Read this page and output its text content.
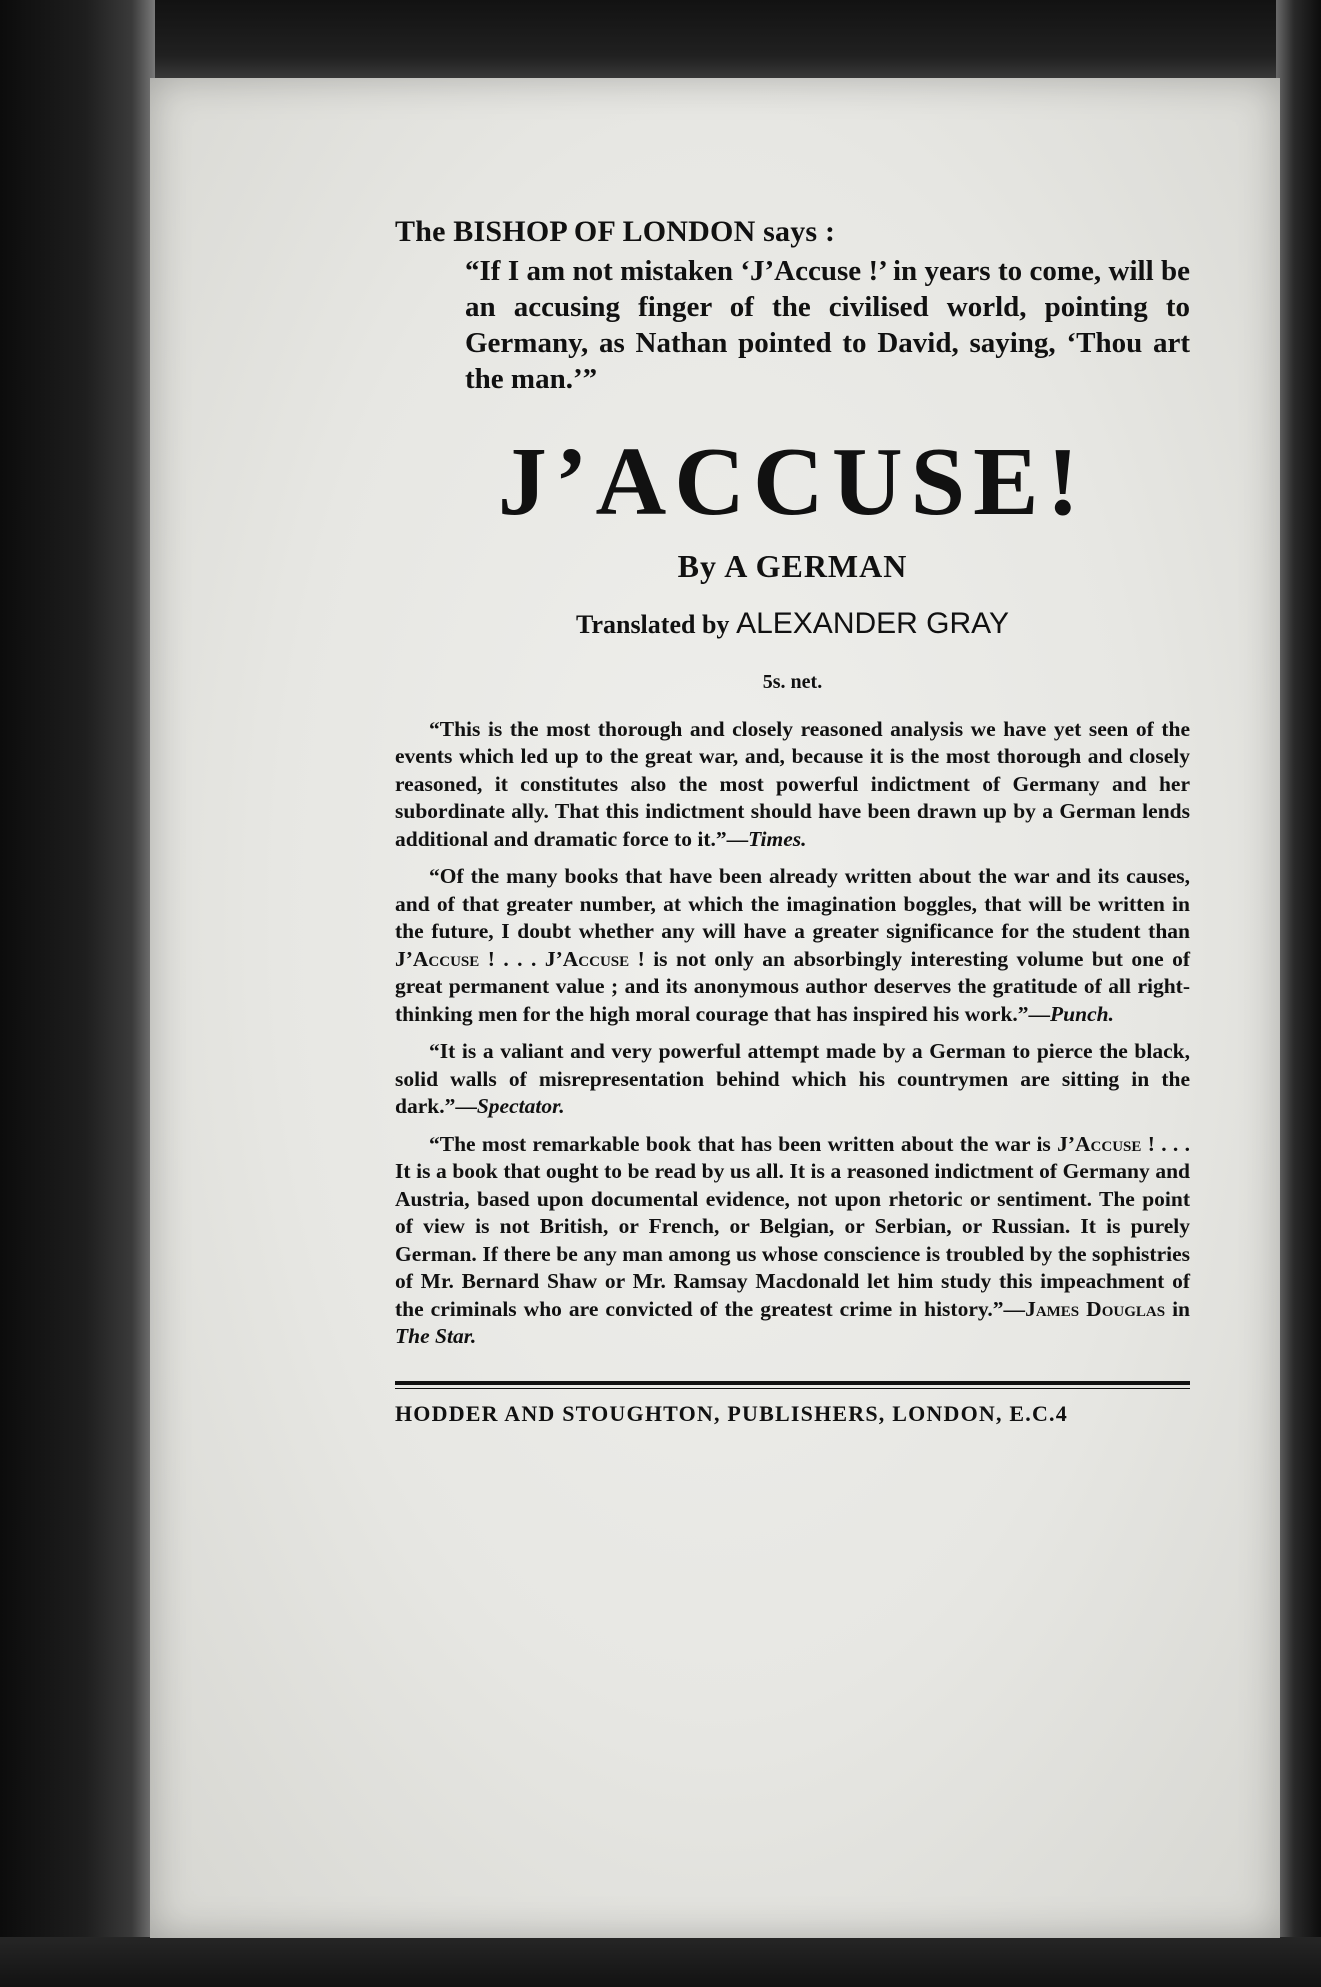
The BISHOP OF LONDON says :

“If I am not mistaken ‘J’Accuse !’ in years to come, will be an accusing finger of the civilised world, pointing to Germany, as Nathan pointed to David, saying, ‘Thou art the man.’”

J’ACCUSE!
By A GERMAN
Translated by ALEXANDER GRAY
5s. net.

“This is the most thorough and closely reasoned analysis we have yet seen of the events which led up to the great war, and, because it is the most thorough and closely reasoned, it constitutes also the most powerful indictment of Germany and her subordinate ally. That this indictment should have been drawn up by a German lends additional and dramatic force to it.”—Times.

“Of the many books that have been already written about the war and its causes, and of that greater number, at which the imagination boggles, that will be written in the future, I doubt whether any will have a greater significance for the student than J’Accuse ! . . . J’Accuse ! is not only an absorbingly interesting volume but one of great permanent value ; and its anonymous author deserves the gratitude of all right-thinking men for the high moral courage that has inspired his work.”—Punch.

“It is a valiant and very powerful attempt made by a German to pierce the black, solid walls of misrepresentation behind which his countrymen are sitting in the dark.”—Spectator.

“The most remarkable book that has been written about the war is J’Accuse ! . . . It is a book that ought to be read by us all. It is a reasoned indictment of Germany and Austria, based upon documental evidence, not upon rhetoric or sentiment. The point of view is not British, or French, or Belgian, or Serbian, or Russian. It is purely German. If there be any man among us whose conscience is troubled by the sophistries of Mr. Bernard Shaw or Mr. Ramsay Macdonald let him study this impeachment of the criminals who are convicted of the greatest crime in history.”—James Douglas in The Star.

HODDER AND STOUGHTON, PUBLISHERS, LONDON, E.C.4
